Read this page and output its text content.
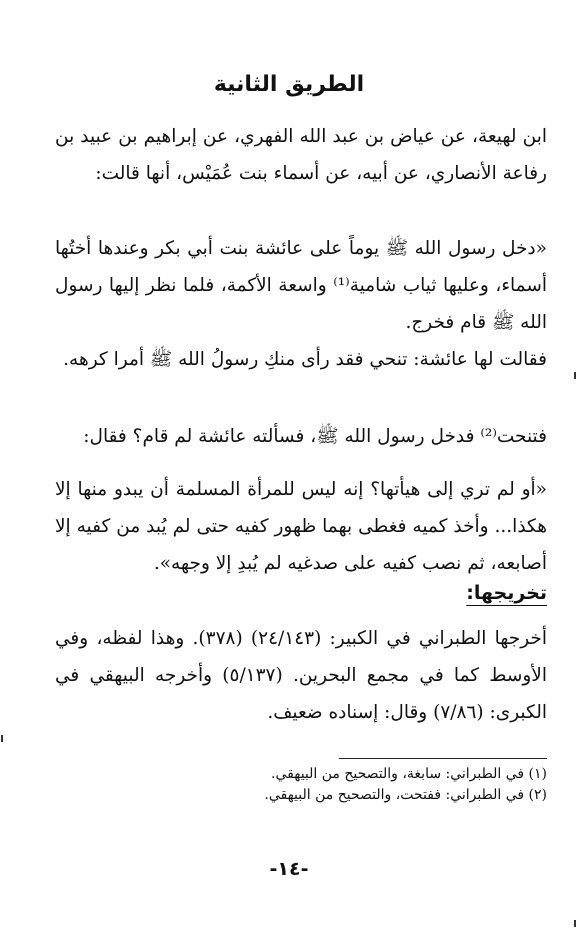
الطريق الثانية

ابن لهيعة، عن عياض بن عبد الله الفهري، عن إبراهيم بن عبيد بن رفاعة الأنصاري، عن أبيه، عن أسماء بنت عُمَيْس، أنها قالت:

«دخل رسول الله ﷺ يوماً على عائشة بنت أبي بكر وعندها أختُها أسماء، وعليها ثياب شامية⁽¹⁾ واسعة الأكمة، فلما نظر إليها رسول الله ﷺ قام فخرج.

فقالت لها عائشة: تنحي فقد رأى منكِ رسولُ الله ﷺ أمرا كرهه.

فتنحت⁽²⁾ فدخل رسول الله ﷺ، فسألته عائشة لم قام؟ فقال:

«أو لم تري إلى هيأتها؟ إنه ليس للمرأة المسلمة أن يبدو منها إلا هكذا... وأخذ كميه فغطى بهما ظهور كفيه حتى لم يُبد من كفيه إلا أصابعه، ثم نصب كفيه على صدغيه لم يُبدِ إلا وجهه».

تخريجها:

أخرجها الطبراني في الكبير: (٢٤/١٤٣) (٣٧٨). وهذا لفظه، وفي الأوسط كما في مجمع البحرين. (٥/١٣٧) وأخرجه البيهقي في الكبرى: (٧/٨٦) وقال: إسناده ضعيف.

(١) في الطبراني: سابغة، والتصحيح من البيهقي.

(٢) في الطبراني: ففتحت، والتصحيح من البيهقي.

-١٤-
